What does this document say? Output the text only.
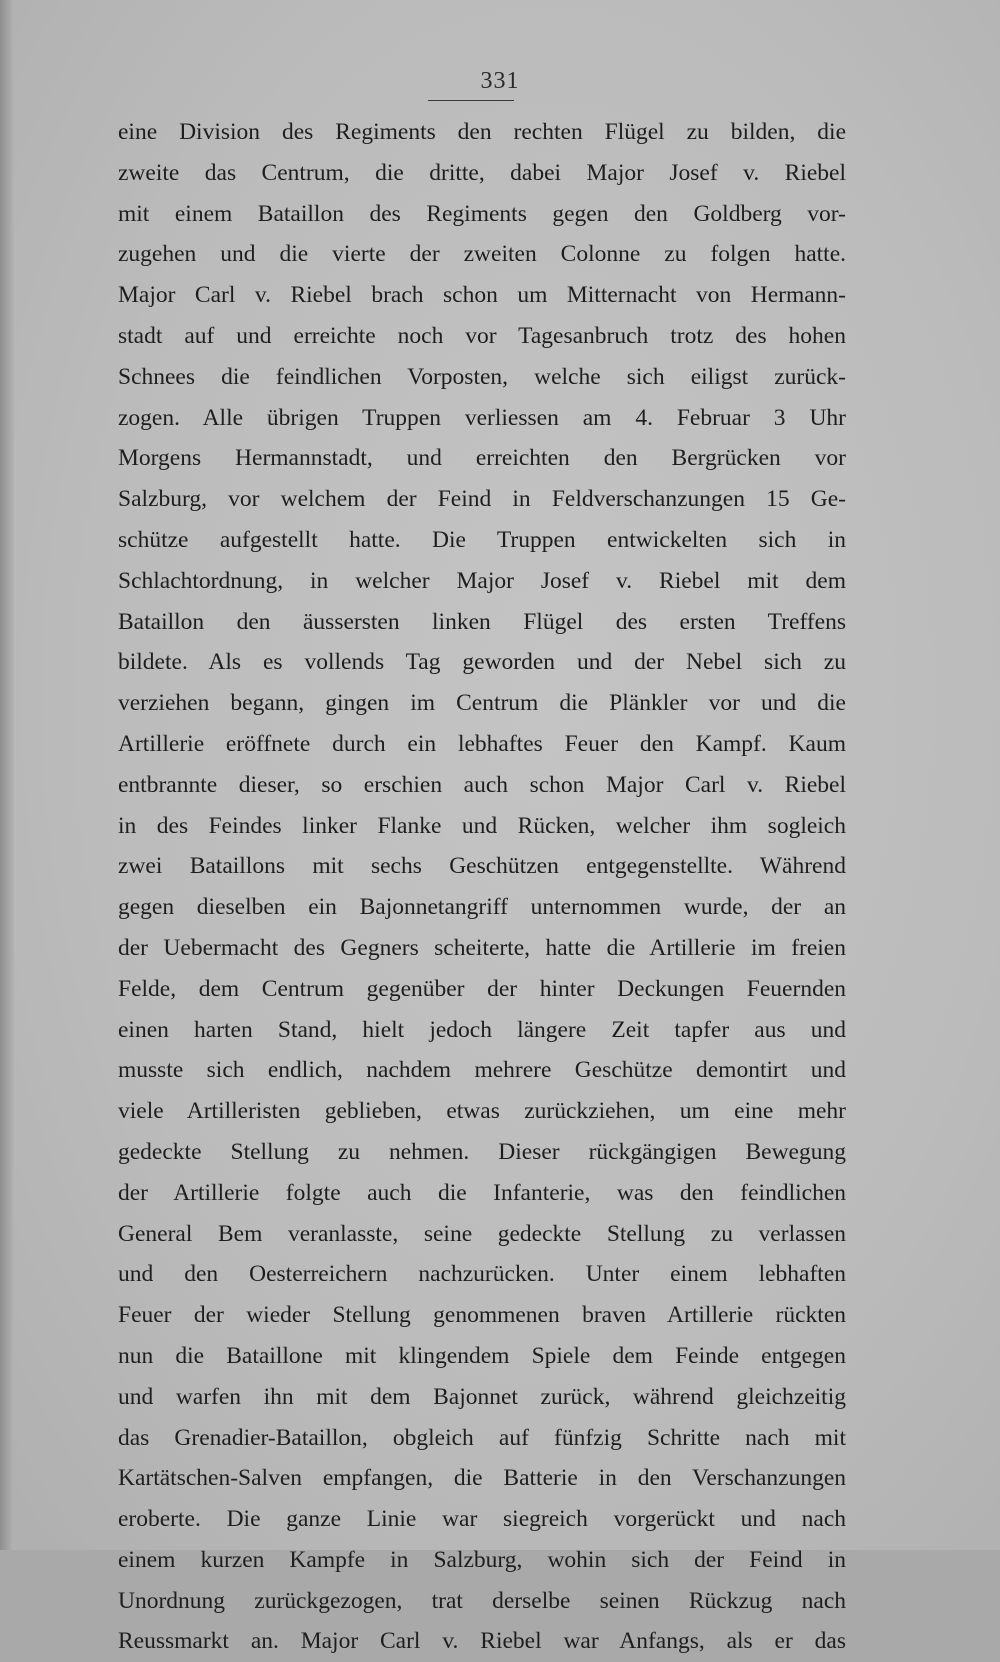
331
eine Division des Regiments den rechten Flügel zu bilden, die
zweite das Centrum, die dritte, dabei Major Josef v. Riebel
mit einem Bataillon des Regiments gegen den Goldberg vor-
zugehen und die vierte der zweiten Colonne zu folgen hatte.
Major Carl v. Riebel brach schon um Mitternacht von Hermann-
stadt auf und erreichte noch vor Tagesanbruch trotz des hohen
Schnees die feindlichen Vorposten, welche sich eiligst zurück-
zogen. Alle übrigen Truppen verliessen am 4. Februar 3 Uhr
Morgens Hermannstadt, und erreichten den Bergrücken vor
Salzburg, vor welchem der Feind in Feldverschanzungen 15 Ge-
schütze aufgestellt hatte. Die Truppen entwickelten sich in
Schlachtordnung, in welcher Major Josef v. Riebel mit dem
Bataillon den äussersten linken Flügel des ersten Treffens
bildete. Als es vollends Tag geworden und der Nebel sich zu
verziehen begann, gingen im Centrum die Plänkler vor und die
Artillerie eröffnete durch ein lebhaftes Feuer den Kampf. Kaum
entbrannte dieser, so erschien auch schon Major Carl v. Riebel
in des Feindes linker Flanke und Rücken, welcher ihm sogleich
zwei Bataillons mit sechs Geschützen entgegenstellte. Während
gegen dieselben ein Bajonnetangriff unternommen wurde, der an
der Uebermacht des Gegners scheiterte, hatte die Artillerie im freien
Felde, dem Centrum gegenüber der hinter Deckungen Feuernden
einen harten Stand, hielt jedoch längere Zeit tapfer aus und
musste sich endlich, nachdem mehrere Geschütze demontirt und
viele Artilleristen geblieben, etwas zurückziehen, um eine mehr
gedeckte Stellung zu nehmen. Dieser rückgängigen Bewegung
der Artillerie folgte auch die Infanterie, was den feindlichen
General Bem veranlasste, seine gedeckte Stellung zu verlassen
und den Oesterreichern nachzurücken. Unter einem lebhaften
Feuer der wieder Stellung genommenen braven Artillerie rückten
nun die Bataillone mit klingendem Spiele dem Feinde entgegen
und warfen ihn mit dem Bajonnet zurück, während gleichzeitig
das Grenadier-Bataillon, obgleich auf fünfzig Schritte nach mit
Kartätschen-Salven empfangen, die Batterie in den Verschanzungen
eroberte. Die ganze Linie war siegreich vorgerückt und nach
einem kurzen Kampfe in Salzburg, wohin sich der Feind in
Unordnung zurückgezogen, trat derselbe seinen Rückzug nach
Reussmarkt an. Major Carl v. Riebel war Anfangs, als er das
